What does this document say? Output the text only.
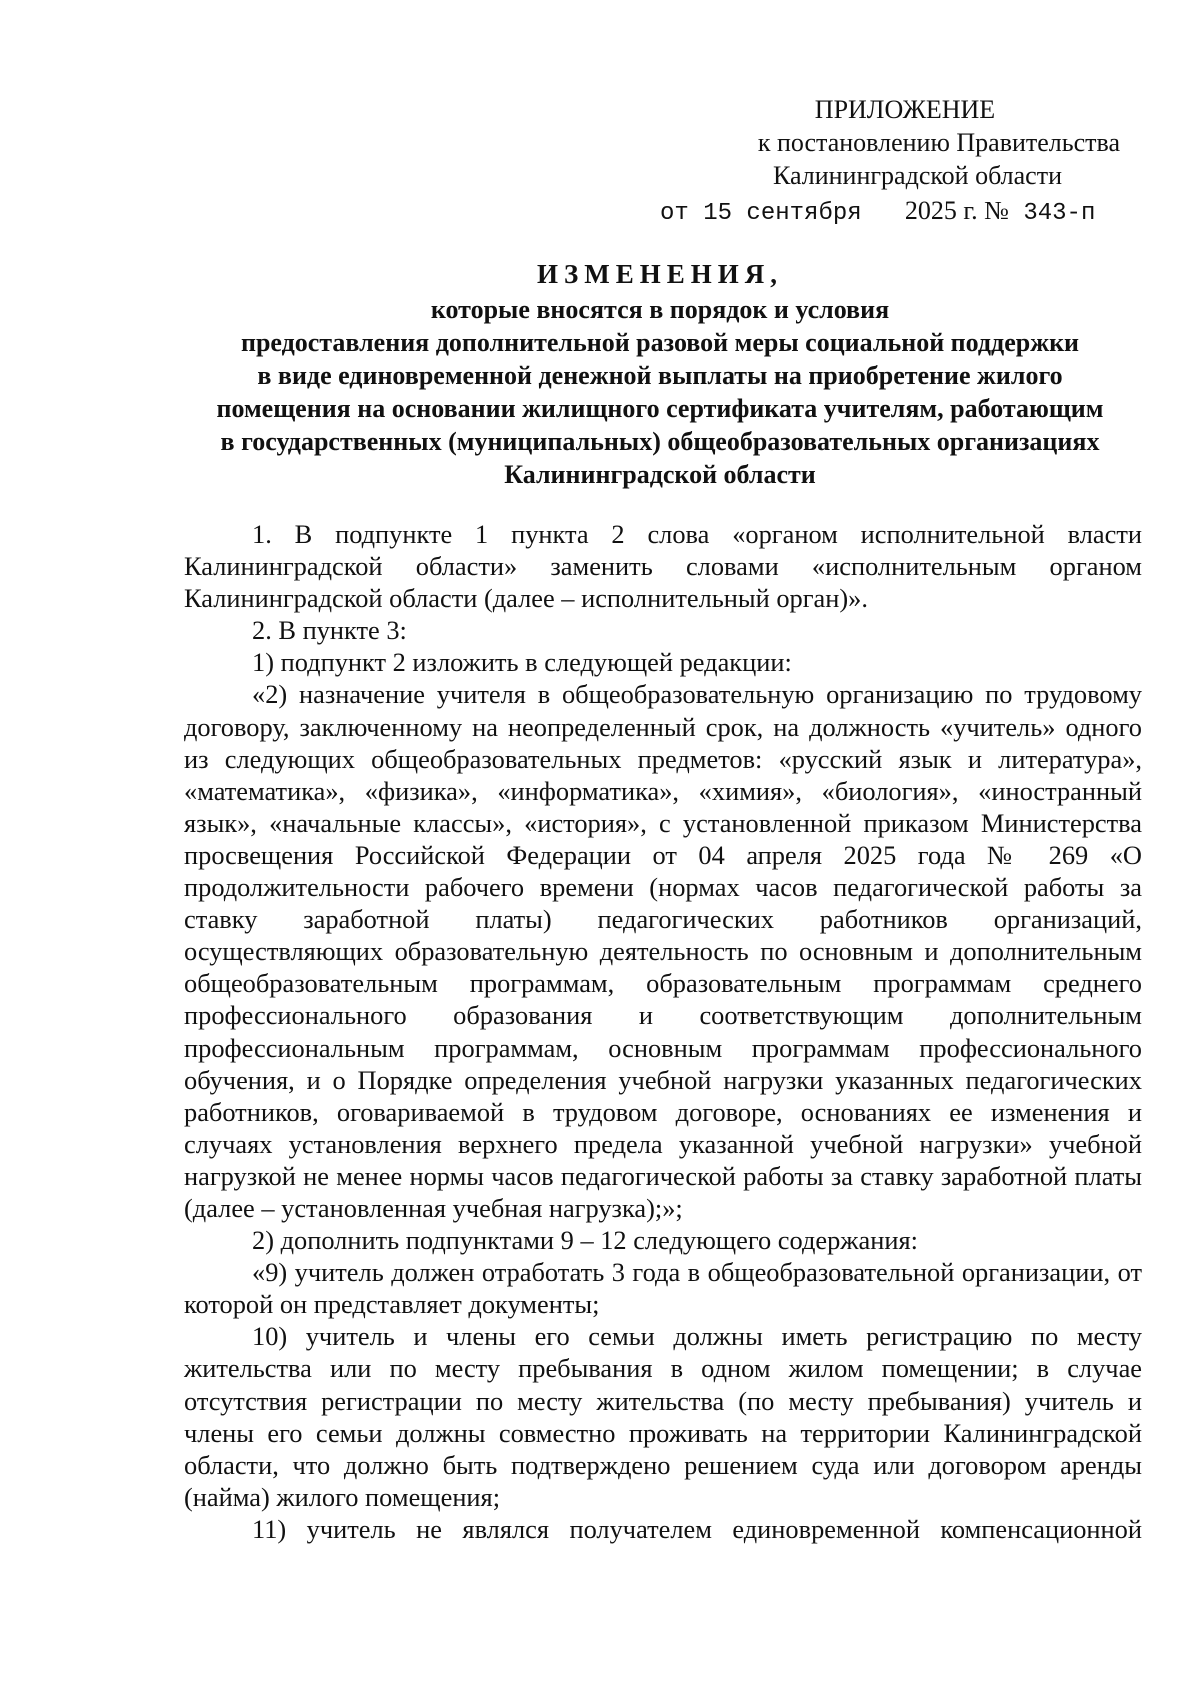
ПРИЛОЖЕНИЕ
к постановлению Правительства
Калининградской области
от 15 сентября 2025 г. № 343-п
ИЗМЕНЕНИЯ,
которые вносятся в порядок и условия
предоставления дополнительной разовой меры социальной поддержки
в виде единовременной денежной выплаты на приобретение жилого
помещения на основании жилищного сертификата учителям, работающим
в государственных (муниципальных) общеобразовательных организациях
Калининградской области

1. В подпункте 1 пункта 2 слова «органом исполнительной власти Калининградской области» заменить словами «исполнительным органом Калининградской области (далее – исполнительный орган)».

2. В пункте 3:

1) подпункт 2 изложить в следующей редакции:

«2) назначение учителя в общеобразовательную организацию по трудовому договору, заключенному на неопределенный срок, на должность «учитель» одного из следующих общеобразовательных предметов: «русский язык и литература», «математика», «физика», «информатика», «химия», «биология», «иностранный язык», «начальные классы», «история», с установленной приказом Министерства просвещения Российской Федерации от 04 апреля 2025 года № 269 «О продолжительности рабочего времени (нормах часов педагогической работы за ставку заработной платы) педагогических работников организаций, осуществляющих образовательную деятельность по основным и дополнительным общеобразовательным программам, образовательным программам среднего профессионального образования и соответствующим дополнительным профессиональным программам, основным программам профессионального обучения, и о Порядке определения учебной нагрузки указанных педагогических работников, оговариваемой в трудовом договоре, основаниях ее изменения и случаях установления верхнего предела указанной учебной нагрузки» учебной нагрузкой не менее нормы часов педагогической работы за ставку заработной платы (далее – установленная учебная нагрузка);»;

2) дополнить подпунктами 9 – 12 следующего содержания:

«9) учитель должен отработать 3 года в общеобразовательной организации, от которой он представляет документы;

10) учитель и члены его семьи должны иметь регистрацию по месту жительства или по месту пребывания в одном жилом помещении; в случае отсутствия регистрации по месту жительства (по месту пребывания) учитель и члены его семьи должны совместно проживать на территории Калининградской области, что должно быть подтверждено решением суда или договором аренды (найма) жилого помещения;

11) учитель не являлся получателем единовременной компенсационной
